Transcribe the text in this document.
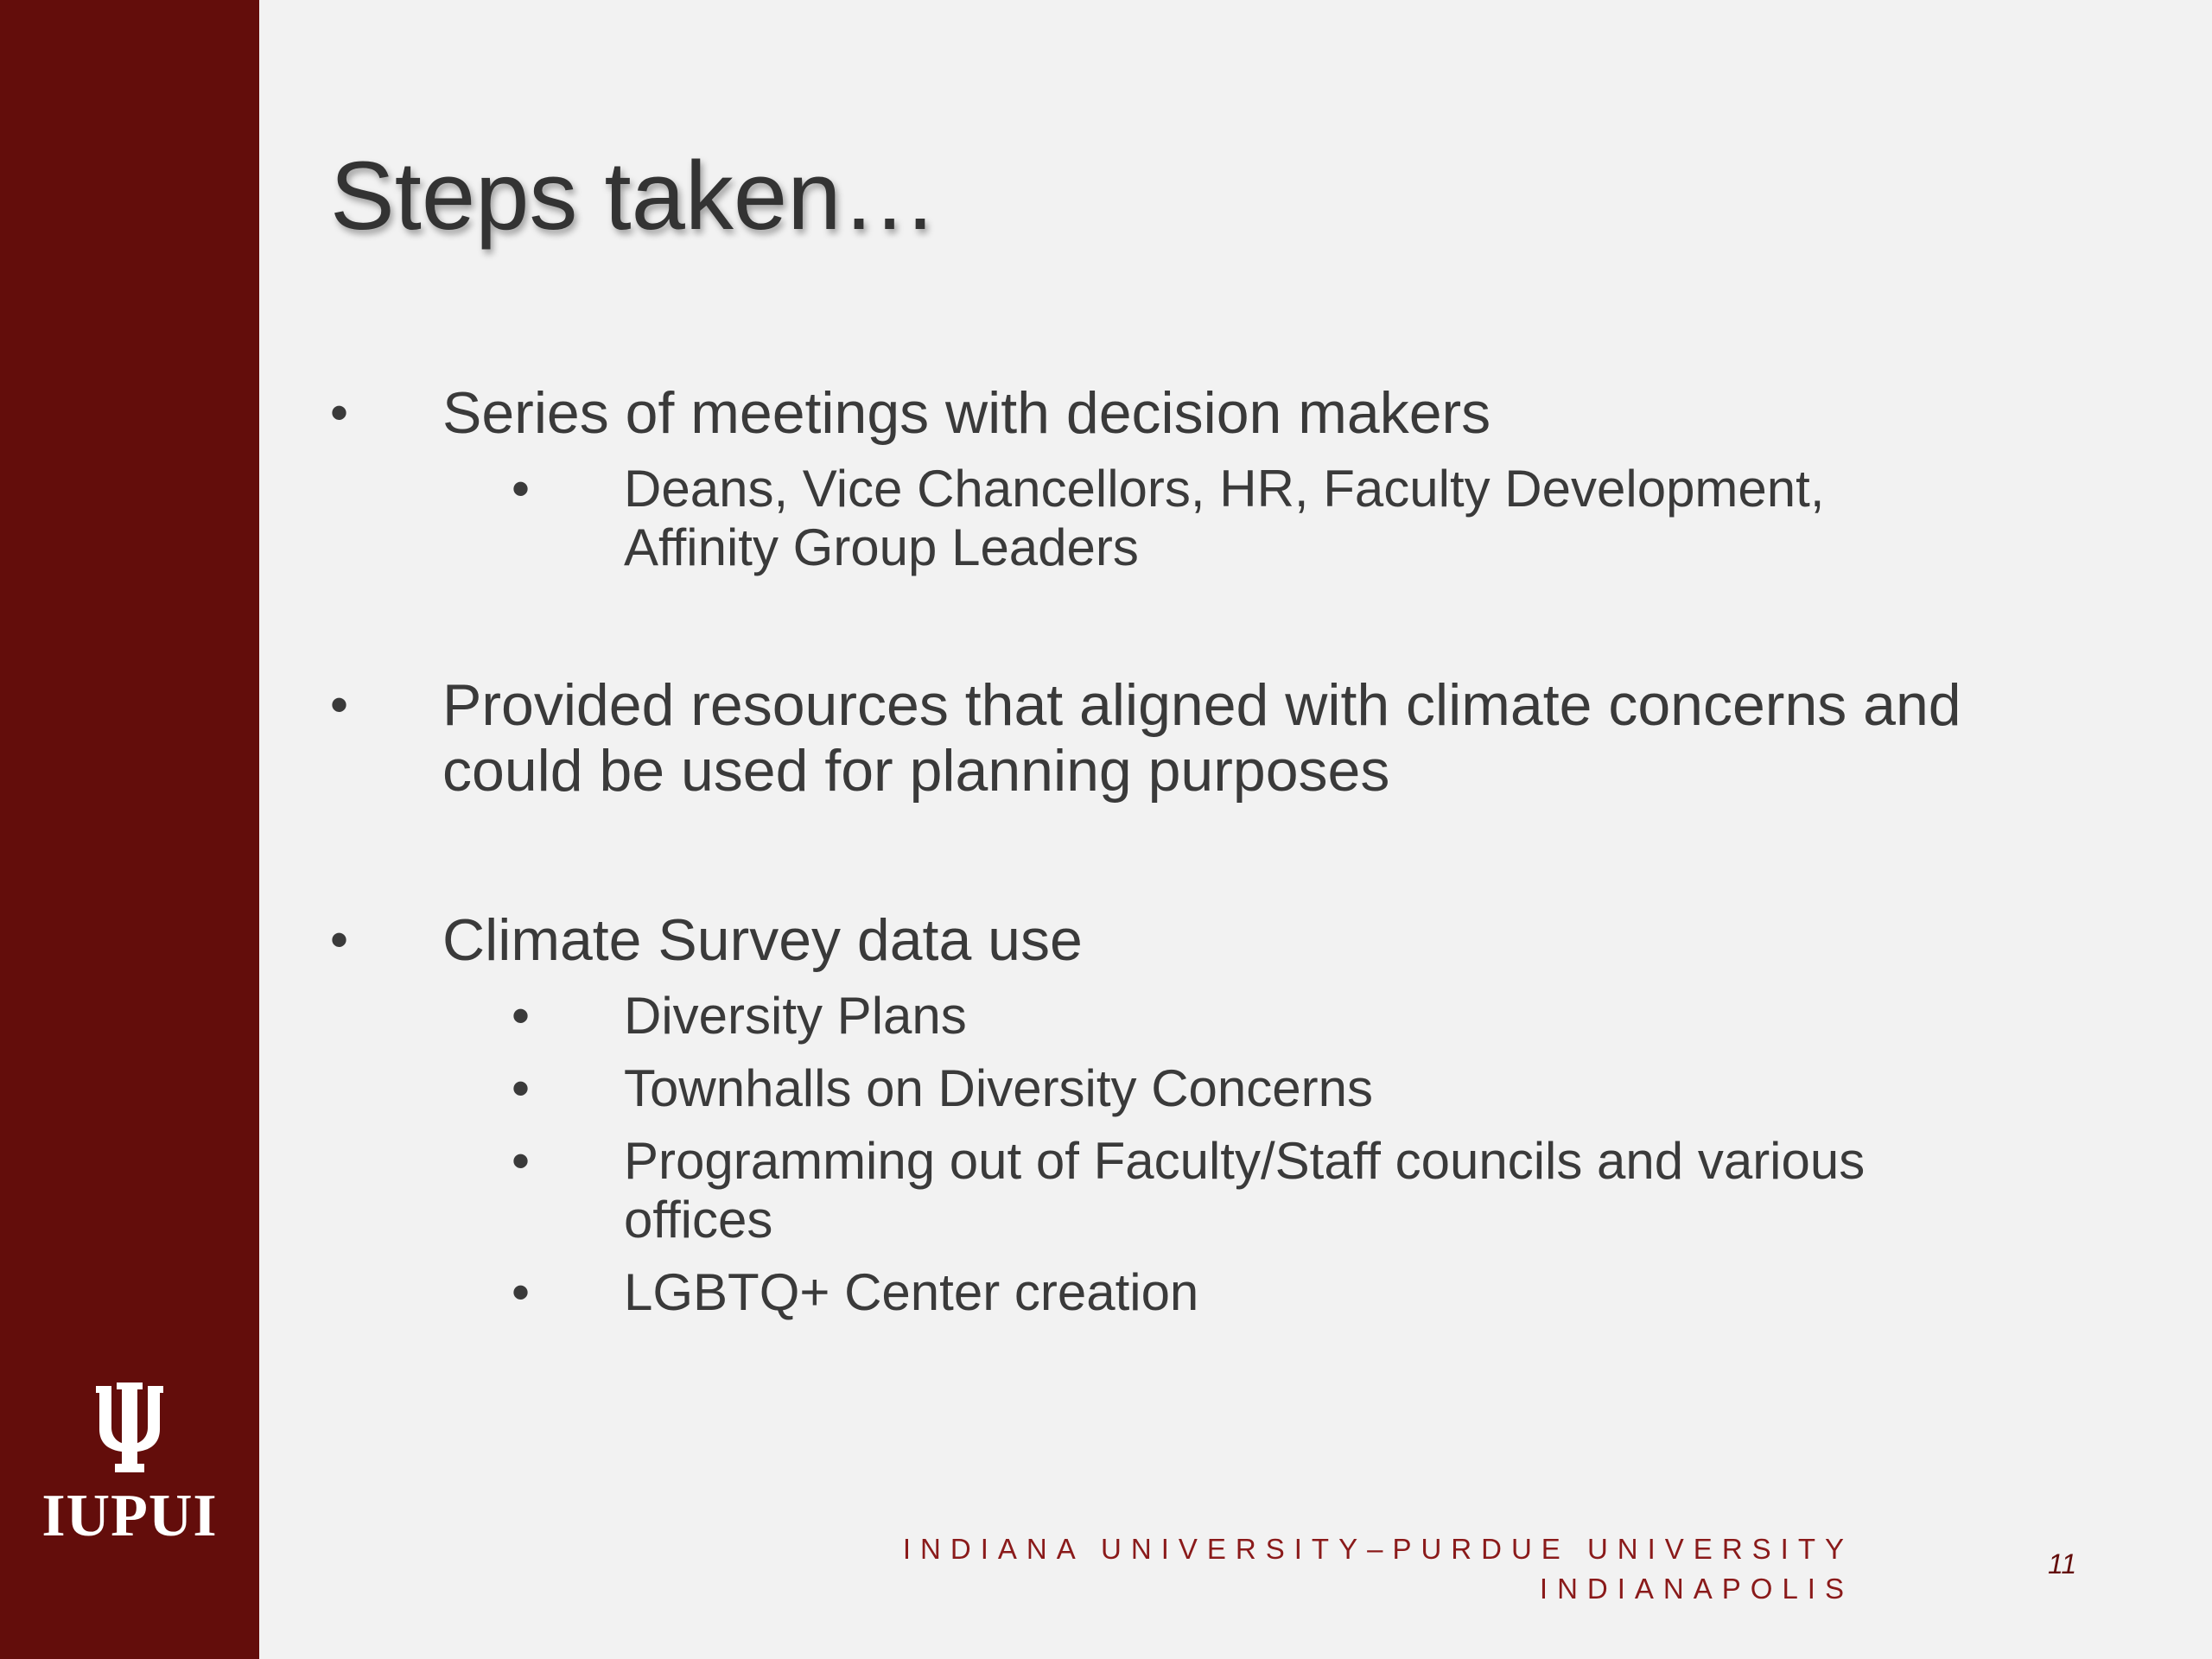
IUPUI
Steps taken…
• Series of meetings with decision makers
• Deans, Vice Chancellors, HR, Faculty Development, Affinity Group Leaders
• Provided resources that aligned with climate concerns and could be used for planning purposes
• Climate Survey data use
• Diversity Plans
• Townhalls on Diversity Concerns
• Programming out of Faculty/Staff councils and various offices
• LGBTQ+ Center creation
INDIANA UNIVERSITY–PURDUE UNIVERSITY
INDIANAPOLIS
11
